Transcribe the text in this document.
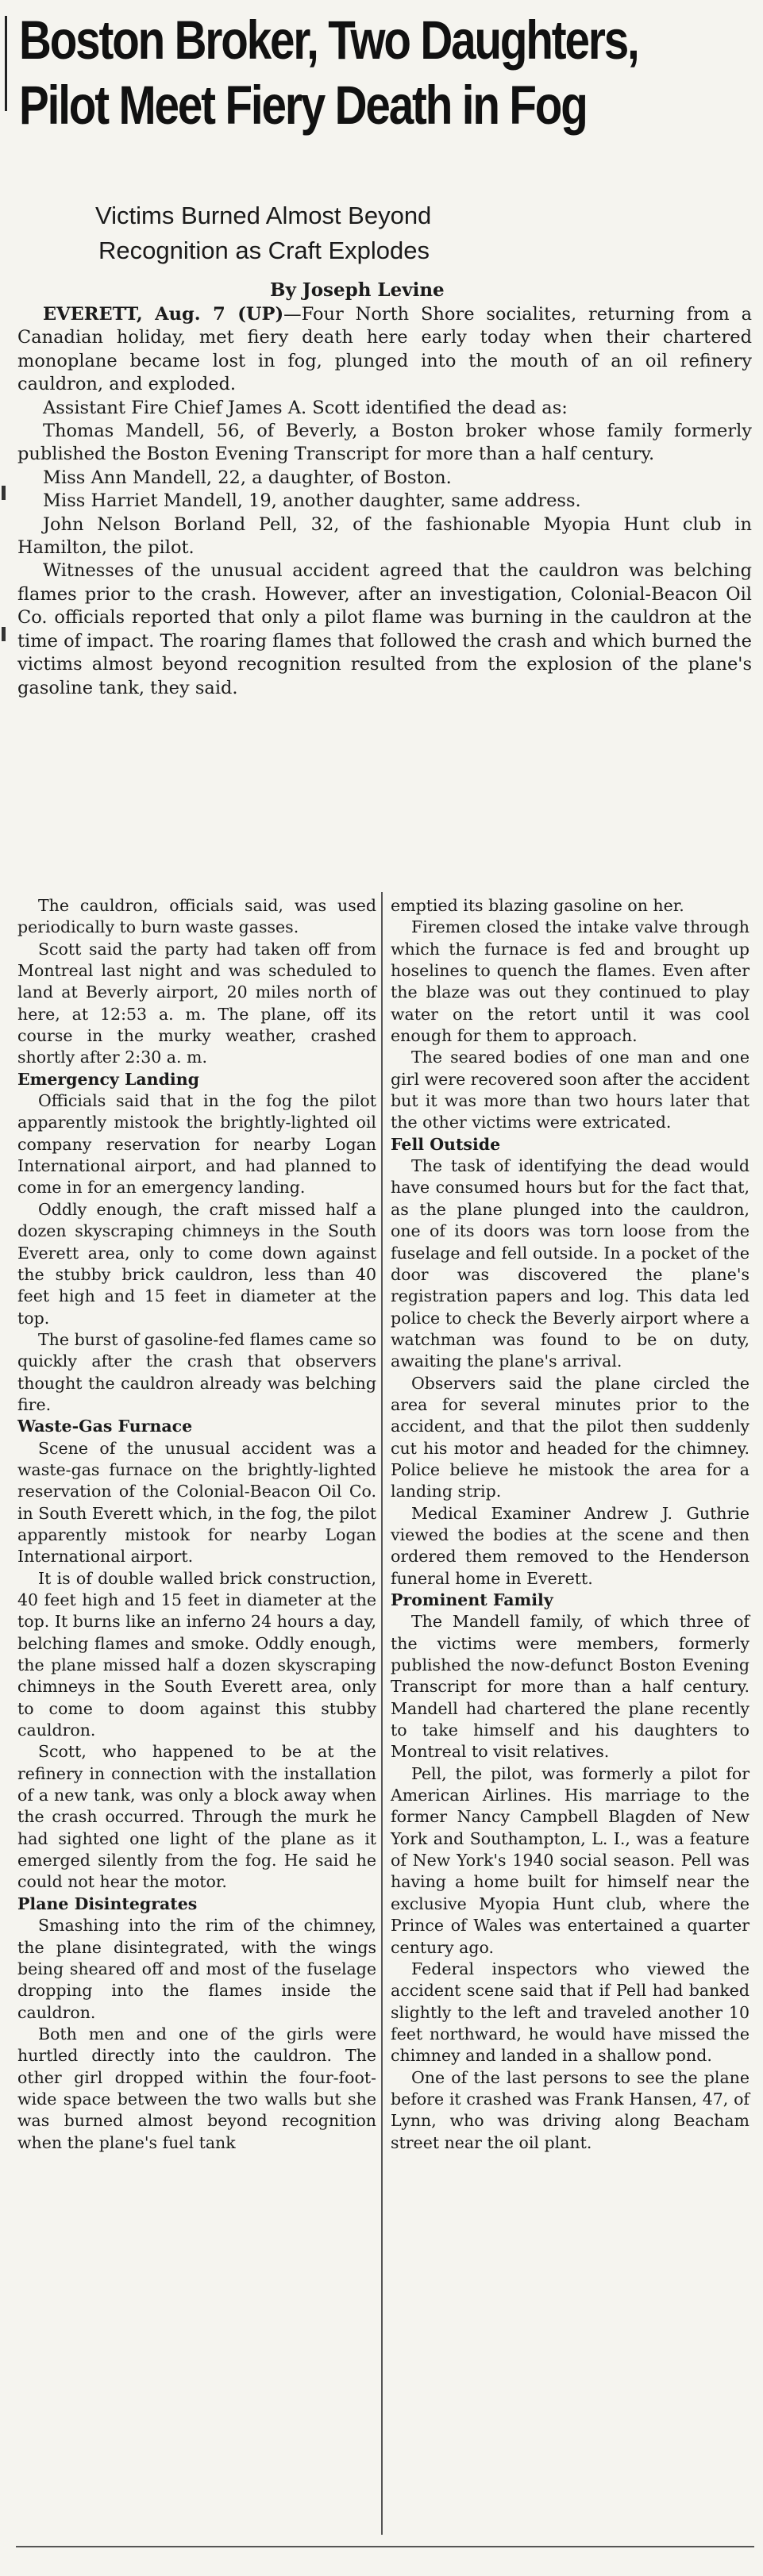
Boston Broker, Two Daughters,
Pilot Meet Fiery Death in Fog
Victims Burned Almost Beyond
Recognition as Craft Explodes
By Joseph Levine

EVERETT, Aug. 7 (UP)—Four North Shore socialites, returning from a Canadian holiday, met fiery death here early today when their chartered monoplane became lost in fog, plunged into the mouth of an oil refinery cauldron, and exploded.

Assistant Fire Chief James A. Scott identified the dead as:

Thomas Mandell, 56, of Beverly, a Boston broker whose family formerly published the Boston Evening Transcript for more than a half century.

Miss Ann Mandell, 22, a daughter, of Boston.

Miss Harriet Mandell, 19, another daughter, same address.

John Nelson Borland Pell, 32, of the fashionable Myopia Hunt club in Hamilton, the pilot.

Witnesses of the unusual accident agreed that the cauldron was belching flames prior to the crash. However, after an investigation, Colonial-Beacon Oil Co. officials reported that only a pilot flame was burning in the cauldron at the time of impact. The roaring flames that followed the crash and which burned the victims almost beyond recognition resulted from the explosion of the plane's gasoline tank, they said.

The cauldron, officials said, was used periodically to burn waste gasses.

Scott said the party had taken off from Montreal last night and was scheduled to land at Beverly airport, 20 miles north of here, at 12:53 a. m. The plane, off its course in the murky weather, crashed shortly after 2:30 a. m.

Emergency Landing

Officials said that in the fog the pilot apparently mistook the brightly-lighted oil company reservation for nearby Logan International airport, and had planned to come in for an emergency landing.

Oddly enough, the craft missed half a dozen skyscraping chimneys in the South Everett area, only to come down against the stubby brick cauldron, less than 40 feet high and 15 feet in diameter at the top.

The burst of gasoline-fed flames came so quickly after the crash that observers thought the cauldron already was belching fire.

Waste-Gas Furnace

Scene of the unusual accident was a waste-gas furnace on the brightly-lighted reservation of the Colonial-Beacon Oil Co. in South Everett which, in the fog, the pilot apparently mistook for nearby Logan International airport.

It is of double walled brick construction, 40 feet high and 15 feet in diameter at the top. It burns like an inferno 24 hours a day, belching flames and smoke. Oddly enough, the plane missed half a dozen skyscraping chimneys in the South Everett area, only to come to doom against this stubby cauldron.

Scott, who happened to be at the refinery in connection with the installation of a new tank, was only a block away when the crash occurred. Through the murk he had sighted one light of the plane as it emerged silently from the fog. He said he could not hear the motor.

Plane Disintegrates

Smashing into the rim of the chimney, the plane disintegrated, with the wings being sheared off and most of the fuselage dropping into the flames inside the cauldron.

Both men and one of the girls were hurtled directly into the cauldron. The other girl dropped within the four-foot-wide space between the two walls but she was burned almost beyond recognition when the plane's fuel tank

emptied its blazing gasoline on her.

Firemen closed the intake valve through which the furnace is fed and brought up hoselines to quench the flames. Even after the blaze was out they continued to play water on the retort until it was cool enough for them to approach.

The seared bodies of one man and one girl were recovered soon after the accident but it was more than two hours later that the other victims were extricated.

Fell Outside

The task of identifying the dead would have consumed hours but for the fact that, as the plane plunged into the cauldron, one of its doors was torn loose from the fuselage and fell outside. In a pocket of the door was discovered the plane's registration papers and log. This data led police to check the Beverly airport where a watchman was found to be on duty, awaiting the plane's arrival.

Observers said the plane circled the area for several minutes prior to the accident, and that the pilot then suddenly cut his motor and headed for the chimney. Police believe he mistook the area for a landing strip.

Medical Examiner Andrew J. Guthrie viewed the bodies at the scene and then ordered them removed to the Henderson funeral home in Everett.

Prominent Family

The Mandell family, of which three of the victims were members, formerly published the now-defunct Boston Evening Transcript for more than a half century. Mandell had chartered the plane recently to take himself and his daughters to Montreal to visit relatives.

Pell, the pilot, was formerly a pilot for American Airlines. His marriage to the former Nancy Campbell Blagden of New York and Southampton, L. I., was a feature of New York's 1940 social season. Pell was having a home built for himself near the exclusive Myopia Hunt club, where the Prince of Wales was entertained a quarter century ago.

Federal inspectors who viewed the accident scene said that if Pell had banked slightly to the left and traveled another 10 feet northward, he would have missed the chimney and landed in a shallow pond.

One of the last persons to see the plane before it crashed was Frank Hansen, 47, of Lynn, who was driving along Beacham street near the oil plant.
